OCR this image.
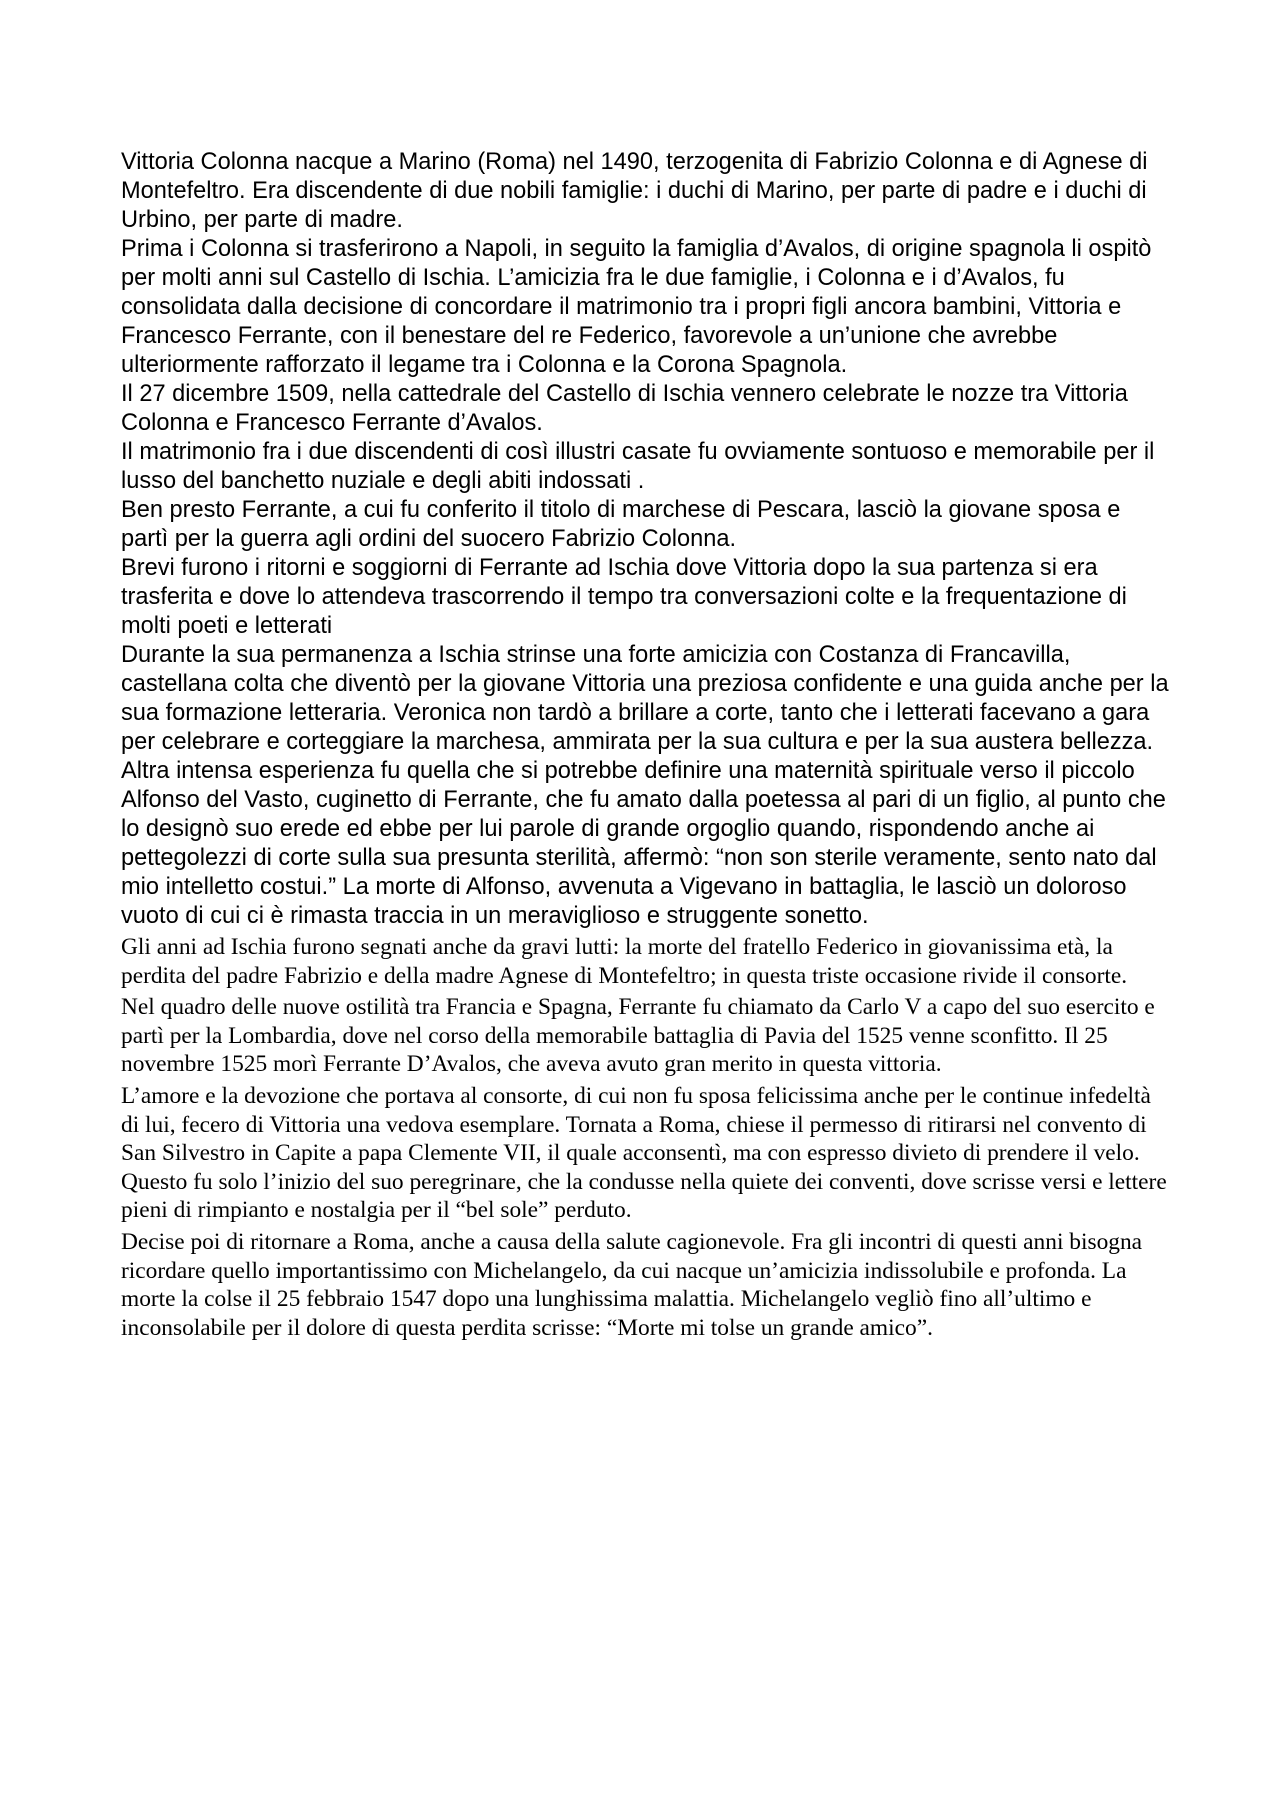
Vittoria Colonna nacque a Marino (Roma) nel 1490, terzogenita di Fabrizio Colonna e di Agnese di Montefeltro. Era discendente di due nobili famiglie: i duchi di Marino, per parte di padre e i duchi di Urbino, per parte di madre.

Prima i Colonna si trasferirono a Napoli, in seguito la famiglia d’Avalos, di origine spagnola li ospitò per molti anni sul Castello di Ischia. L’amicizia fra le due famiglie, i Colonna e i d’Avalos, fu consolidata dalla decisione di concordare il matrimonio tra i propri figli ancora bambini, Vittoria e Francesco Ferrante, con il benestare del re Federico, favorevole a un’unione che avrebbe ulteriormente rafforzato il legame tra i Colonna e la Corona Spagnola.

Il 27 dicembre 1509, nella cattedrale del Castello di Ischia vennero celebrate le nozze tra Vittoria Colonna e Francesco Ferrante d’Avalos.

Il matrimonio fra i due discendenti di così illustri casate fu ovviamente sontuoso e memorabile per il lusso del banchetto nuziale e degli abiti indossati .

Ben presto Ferrante, a cui fu conferito il titolo di marchese di Pescara, lasciò la giovane sposa e partì per la guerra agli ordini del suocero Fabrizio Colonna.

Brevi furono i ritorni e soggiorni di Ferrante ad Ischia dove Vittoria dopo la sua partenza si era trasferita e dove lo attendeva trascorrendo il tempo tra conversazioni colte e la frequentazione di molti poeti e letterati

Durante la sua permanenza a Ischia strinse una forte amicizia con Costanza di Francavilla, castellana colta che diventò per la giovane Vittoria una preziosa confidente e una guida anche per la sua formazione letteraria. Veronica non tardò a brillare a corte, tanto che i letterati facevano a gara per celebrare e corteggiare la marchesa, ammirata per la sua cultura e per la sua austera bellezza.

Altra intensa esperienza fu quella che si potrebbe definire una maternità spirituale verso il piccolo Alfonso del Vasto, cuginetto di Ferrante, che fu amato dalla poetessa al pari di un figlio, al punto che lo designò suo erede ed ebbe per lui parole di grande orgoglio quando, rispondendo anche ai pettegolezzi di corte sulla sua presunta sterilità, affermò: “non son sterile veramente, sento nato dal mio intelletto costui.” La morte di Alfonso, avvenuta a Vigevano in battaglia, le lasciò un doloroso vuoto di cui ci è rimasta traccia in un meraviglioso e struggente sonetto.

Gli anni ad Ischia furono segnati anche da gravi lutti: la morte del fratello Federico in giovanissima età, la perdita del padre Fabrizio e della madre Agnese di Montefeltro; in questa triste occasione rivide il consorte.

Nel quadro delle nuove ostilità tra Francia e Spagna, Ferrante fu chiamato da Carlo V a capo del suo esercito e partì per la Lombardia, dove nel corso della memorabile battaglia di Pavia del 1525 venne sconfitto. Il 25 novembre 1525 morì Ferrante D’Avalos, che aveva avuto gran merito in questa vittoria.

L’amore e la devozione che portava al consorte, di cui non fu sposa felicissima anche per le continue infedeltà di lui, fecero di Vittoria una vedova esemplare. Tornata a Roma, chiese il permesso di ritirarsi nel convento di San Silvestro in Capite a papa Clemente VII, il quale acconsentì, ma con espresso divieto di prendere il velo. Questo fu solo l’inizio del suo peregrinare, che la condusse nella quiete dei conventi, dove scrisse versi e lettere pieni di rimpianto e nostalgia per il “bel sole” perduto.

Decise poi di ritornare a Roma, anche a causa della salute cagionevole. Fra gli incontri di questi anni bisogna ricordare quello importantissimo con Michelangelo, da cui nacque un’amicizia indissolubile e profonda. La morte la colse il 25 febbraio 1547 dopo una lunghissima malattia. Michelangelo vegliò fino all’ultimo e inconsolabile per il dolore di questa perdita scrisse: “Morte mi tolse un grande amico”.
